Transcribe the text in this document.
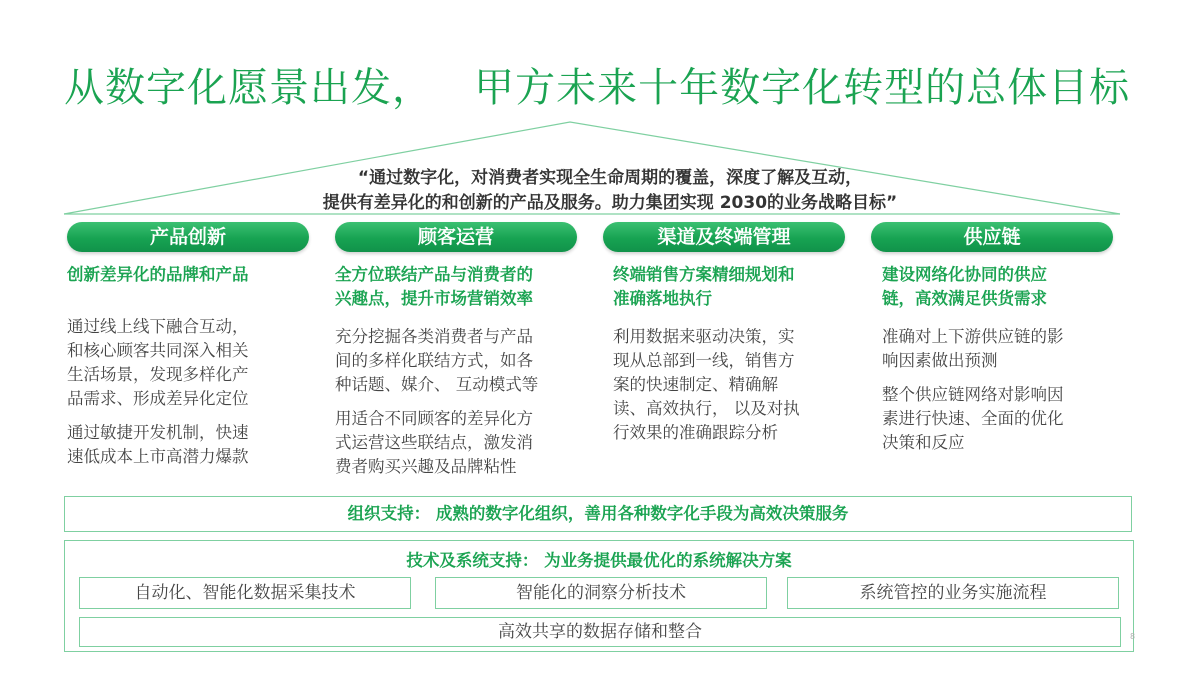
从数字化愿景出发，   甲方未来十年数字化转型的总体目标
“通过数字化，对消费者实现全生命周期的覆盖，深度了解及互动，
提供有差异化的和创新的产品及服务。助力集团实现 2030的业务战略目标”
产品创新	顾客运营	渠道及终端管理	供应链
创新差异化的品牌和产品
通过线上线下融合互动，
和核心顾客共同深入相关
生活场景，发现多样化产
品需求、形成差异化定位
通过敏捷开发机制，快速
速低成本上市高潜力爆款
全方位联结产品与消费者的
兴趣点，提升市场营销效率
充分挖掘各类消费者与产品
间的多样化联结方式，如各
种话题、媒介、 互动模式等
用适合不同顾客的差异化方
式运营这些联结点，激发消
费者购买兴趣及品牌粘性
终端销售方案精细规划和
准确落地执行
利用数据来驱动决策，实
现从总部到一线，销售方
案的快速制定、精确解
读、高效执行， 以及对执
行效果的准确跟踪分析
建设网络化协同的供应
链，高效满足供货需求
准确对上下游供应链的影
响因素做出预测
整个供应链网络对影响因
素进行快速、全面的优化
决策和反应
组织支持： 成熟的数字化组织，善用各种数字化手段为高效决策服务
技术及系统支持： 为业务提供最优化的系统解决方案
自动化、智能化数据采集技术	智能化的洞察分析技术	系统管控的业务实施流程
高效共享的数据存储和整合	8
